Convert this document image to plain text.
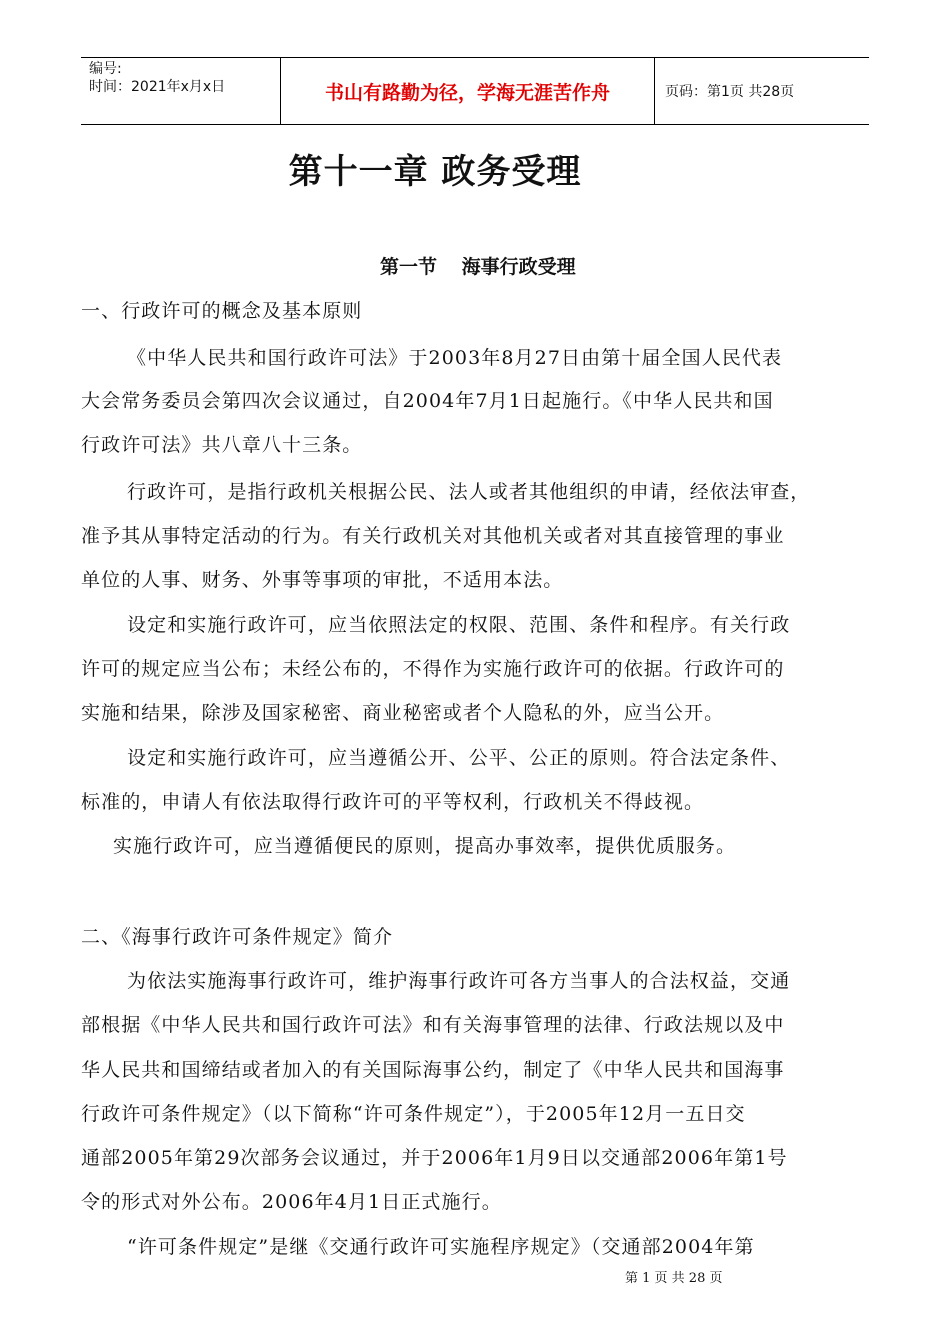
编号:
时间：2021年x月x日	书山有路勤为径，学海无涯苦作舟	页码：第1页 共28页
第十一章 政务受理
第一节 海事行政受理
一、行政许可的概念及基本原则
《中华人民共和国行政许可法》于2003年8月27日由第十届全国人民代表
大会常务委员会第四次会议通过，自2004年7月1日起施行。《中华人民共和国
行政许可法》共八章八十三条。
行政许可，是指行政机关根据公民、法人或者其他组织的申请，经依法审查，
准予其从事特定活动的行为。有关行政机关对其他机关或者对其直接管理的事业
单位的人事、财务、外事等事项的审批，不适用本法。
设定和实施行政许可，应当依照法定的权限、范围、条件和程序。有关行政
许可的规定应当公布；未经公布的，不得作为实施行政许可的依据。行政许可的
实施和结果，除涉及国家秘密、商业秘密或者个人隐私的外，应当公开。
设定和实施行政许可，应当遵循公开、公平、公正的原则。符合法定条件、
标准的，申请人有依法取得行政许可的平等权利，行政机关不得歧视。
实施行政许可，应当遵循便民的原则，提高办事效率，提供优质服务。
二、《海事行政许可条件规定》简介
为依法实施海事行政许可，维护海事行政许可各方当事人的合法权益，交通
部根据《中华人民共和国行政许可法》和有关海事管理的法律、行政法规以及中
华人民共和国缔结或者加入的有关国际海事公约，制定了《中华人民共和国海事
行政许可条件规定》（以下简称“许可条件规定”），于2005年12月一五日交
通部2005年第29次部务会议通过，并于2006年1月9日以交通部2006年第1号
令的形式对外公布。2006年4月1日正式施行。
“许可条件规定”是继《交通行政许可实施程序规定》（交通部2004年第
第 1 页 共 28 页
